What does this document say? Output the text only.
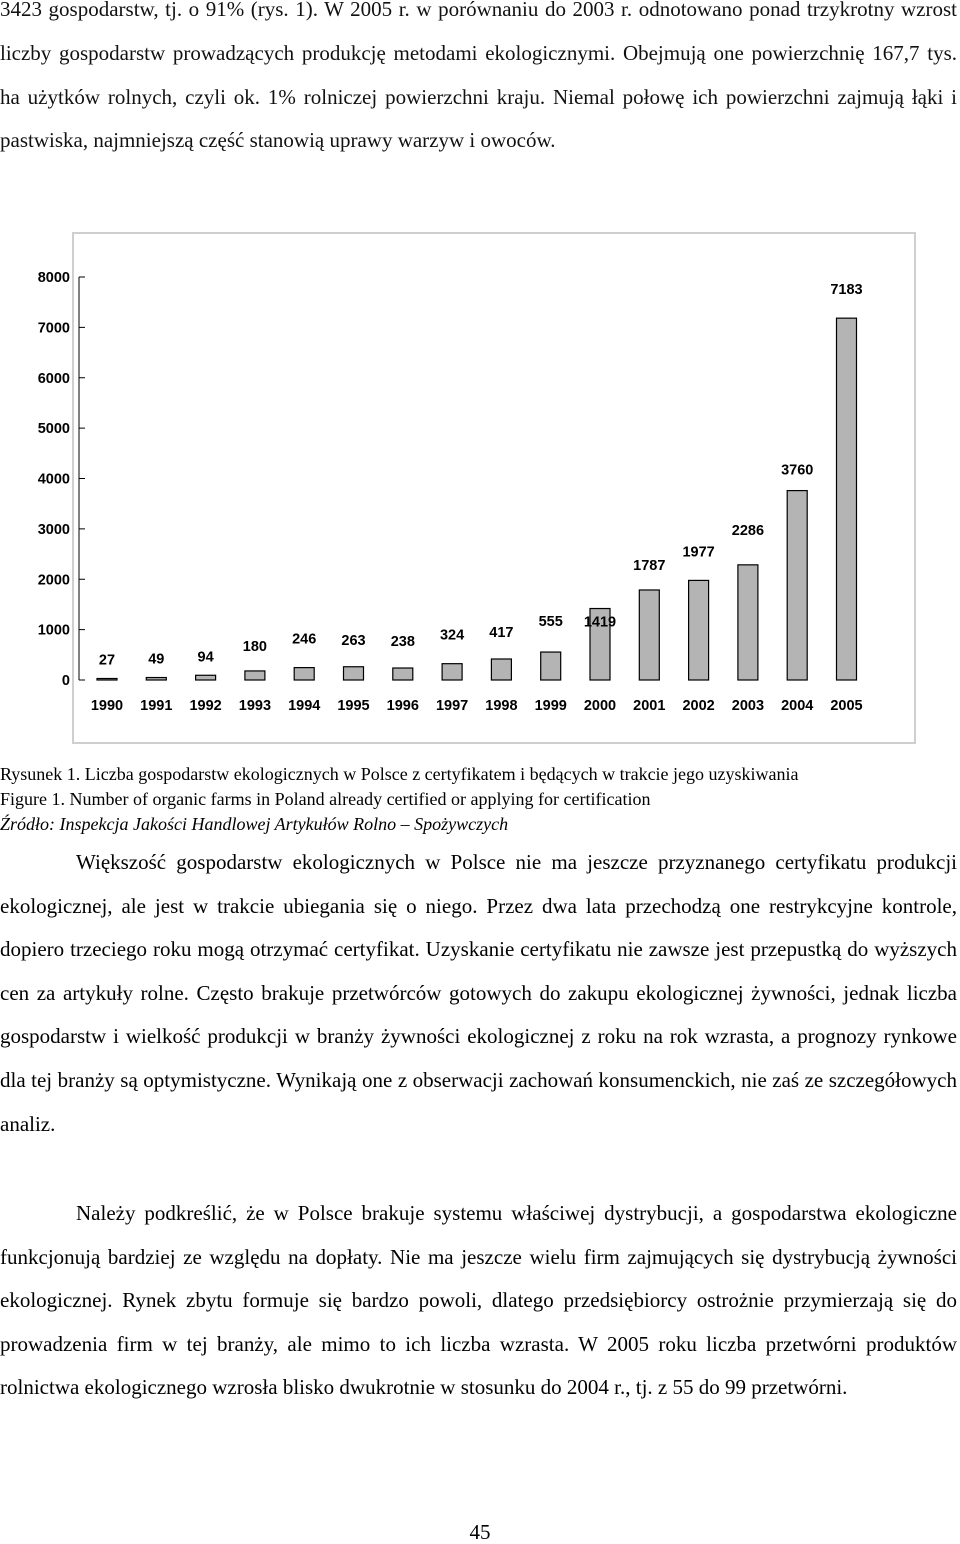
3423 gospodarstw, tj. o 91% (rys. 1). W 2005 r. w porównaniu do 2003 r. odnotowano ponad trzykrotny wzrost liczby gospodarstw prowadzących produkcję metodami ekologicznymi. Obejmują one powierzchnię 167,7 tys. ha użytków rolnych, czyli ok. 1% rolniczej powierzchni kraju. Niemal połowę ich powierzchni zajmują łąki i pastwiska, najmniejszą część stanowią uprawy warzyw i owoców.

0
1000
2000
3000
4000
5000
6000
7000
8000
27
1990
49
1991
94
1992
180
1993
246
1994
263
1995
238
1996
324
1997
417
1998
555
1999
1419
2000
1787
2001
1977
2002
2286
2003
3760
2004
7183
2005
Rysunek 1. Liczba gospodarstw ekologicznych w Polsce z certyfikatem i będących w trakcie jego uzyskiwania
Figure 1. Number of organic farms in Poland already certified or applying for certification
Źródło: Inspekcja Jakości Handlowej Artykułów Rolno – Spożywczych

Większość gospodarstw ekologicznych w Polsce nie ma jeszcze przyznanego certyfikatu produkcji ekologicznej, ale jest w trakcie ubiegania się o niego. Przez dwa lata przechodzą one restrykcyjne kontrole, dopiero trzeciego roku mogą otrzymać certyfikat. Uzyskanie certyfikatu nie zawsze jest przepustką do wyższych cen za artykuły rolne. Często brakuje przetwórców gotowych do zakupu ekologicznej żywności, jednak liczba gospodarstw i wielkość produkcji w branży żywności ekologicznej z roku na rok wzrasta, a prognozy rynkowe dla tej branży są optymistyczne. Wynikają one z obserwacji zachowań konsumenckich, nie zaś ze szczegółowych analiz.

Należy podkreślić, że w Polsce brakuje systemu właściwej dystrybucji, a gospodarstwa ekologiczne funkcjonują bardziej ze względu na dopłaty. Nie ma jeszcze wielu firm zajmujących się dystrybucją żywności ekologicznej. Rynek zbytu formuje się bardzo powoli, dlatego przedsiębiorcy ostrożnie przymierzają się do prowadzenia firm w tej branży, ale mimo to ich liczba wzrasta. W 2005 roku liczba przetwórni produktów rolnictwa ekologicznego wzrosła blisko dwukrotnie w stosunku do 2004 r., tj. z 55 do 99 przetwórni.

45
